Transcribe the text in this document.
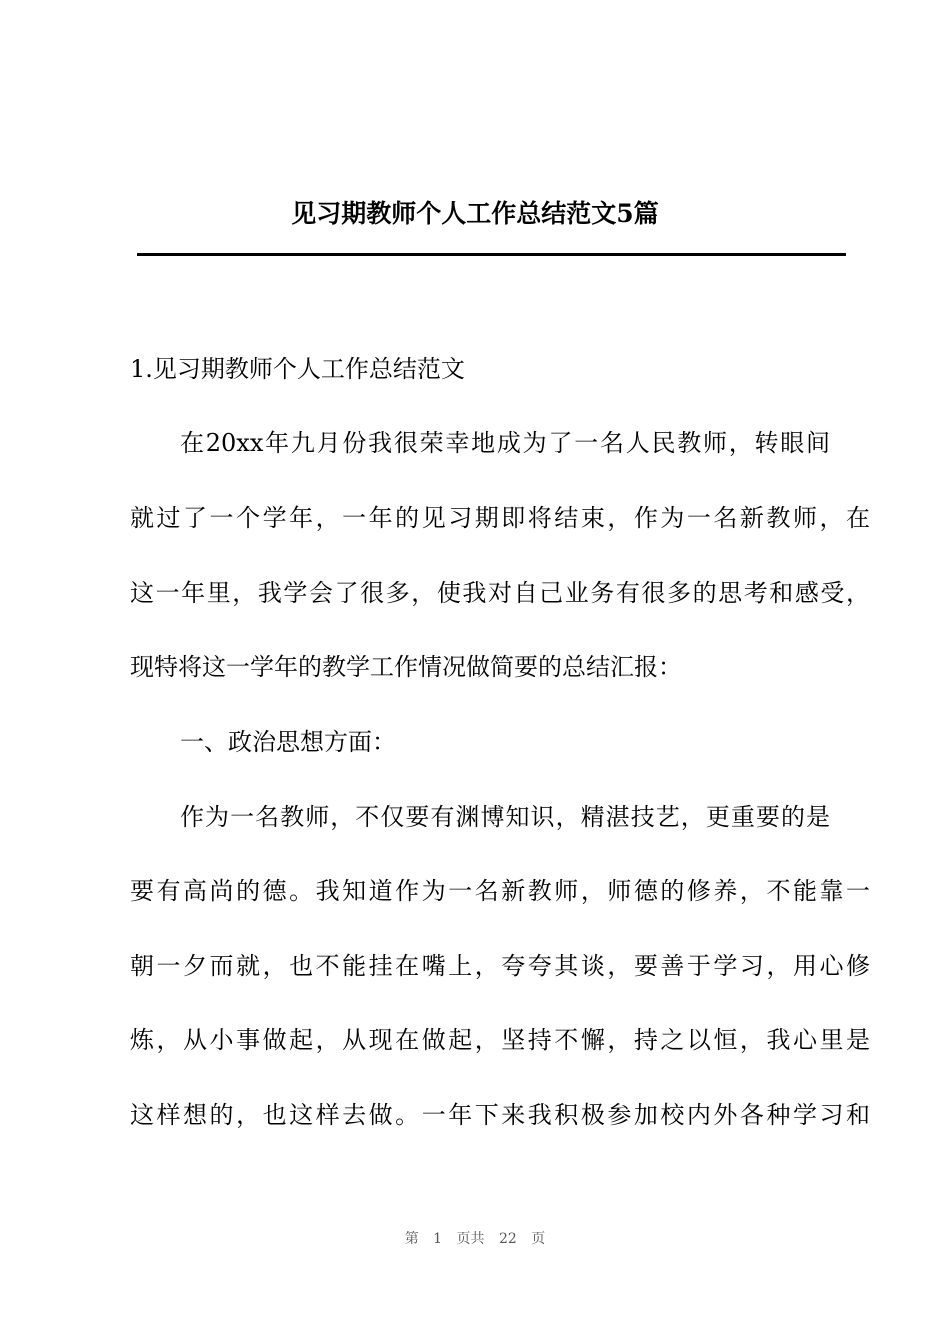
见习期教师个人工作总结范文5篇

1.见习期教师个人工作总结范文

在20xx年九月份我很荣幸地成为了一名人民教师，转眼间

就过了一个学年，一年的见习期即将结束，作为一名新教师，在

这一年里，我学会了很多，使我对自己业务有很多的思考和感受，

现特将这一学年的教学工作情况做简要的总结汇报：

一、政治思想方面：

作为一名教师，不仅要有渊博知识，精湛技艺，更重要的是

要有高尚的德。我知道作为一名新教师，师德的修养，不能靠一

朝一夕而就，也不能挂在嘴上，夸夸其谈，要善于学习，用心修

炼，从小事做起，从现在做起，坚持不懈，持之以恒，我心里是

这样想的，也这样去做。一年下来我积极参加校内外各种学习和

第 1 页共 22 页
